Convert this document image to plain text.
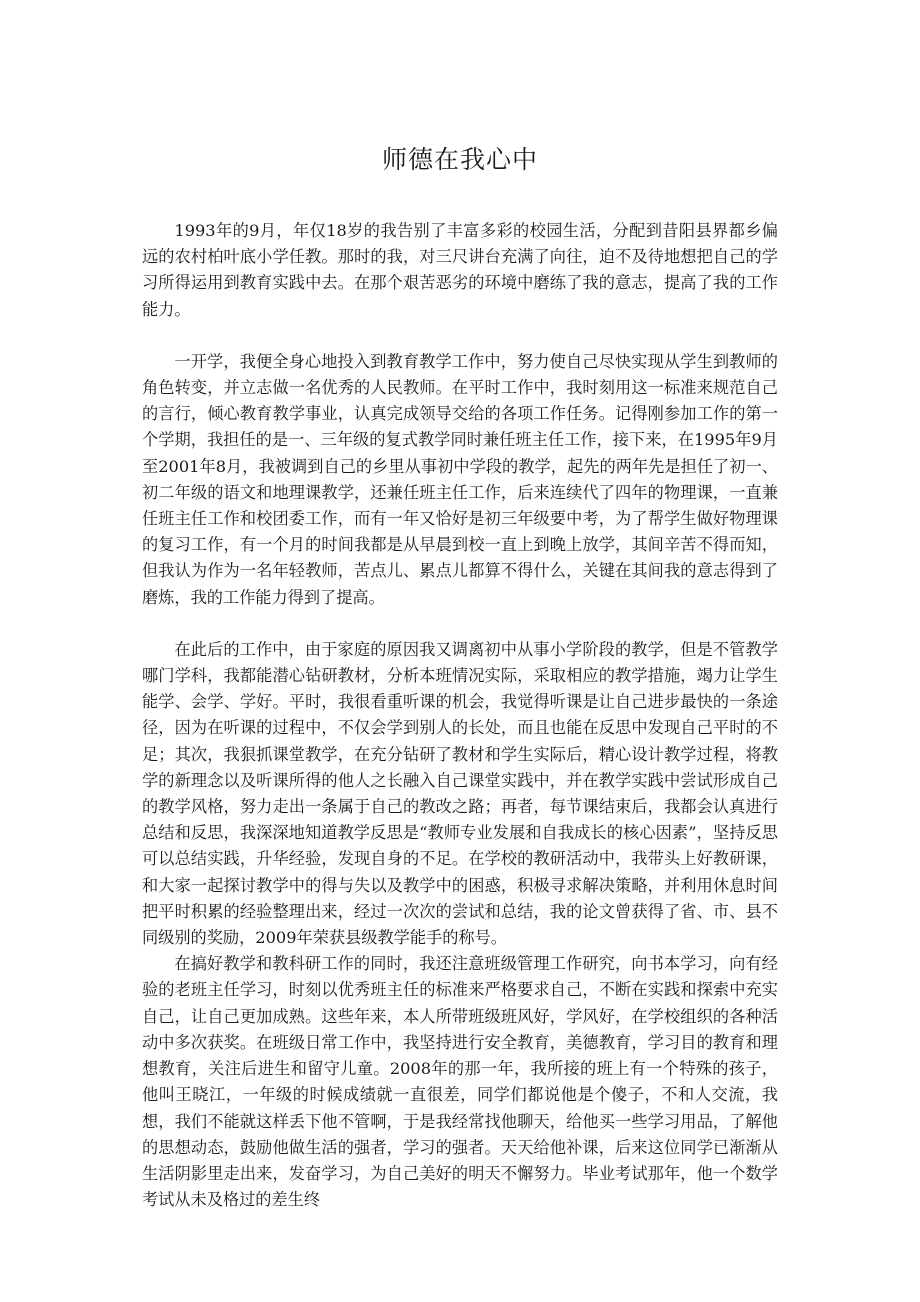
师德在我心中

1993年的9月，年仅18岁的我告别了丰富多彩的校园生活，分配到昔阳县界都乡偏远的农村柏叶底小学任教。那时的我，对三尺讲台充满了向往，迫不及待地想把自己的学习所得运用到教育实践中去。在那个艰苦恶劣的环境中磨练了我的意志，提高了我的工作能力。

一开学，我便全身心地投入到教育教学工作中，努力使自己尽快实现从学生到教师的角色转变，并立志做一名优秀的人民教师。在平时工作中，我时刻用这一标准来规范自己的言行，倾心教育教学事业，认真完成领导交给的各项工作任务。记得刚参加工作的第一个学期，我担任的是一、三年级的复式教学同时兼任班主任工作，接下来，在1995年9月至2001年8月，我被调到自己的乡里从事初中学段的教学，起先的两年先是担任了初一、初二年级的语文和地理课教学，还兼任班主任工作，后来连续代了四年的物理课，一直兼任班主任工作和校团委工作，而有一年又恰好是初三年级要中考，为了帮学生做好物理课的复习工作，有一个月的时间我都是从早晨到校一直上到晚上放学，其间辛苦不得而知，但我认为作为一名年轻教师，苦点儿、累点儿都算不得什么，关键在其间我的意志得到了磨炼，我的工作能力得到了提高。

在此后的工作中，由于家庭的原因我又调离初中从事小学阶段的教学，但是不管教学哪门学科，我都能潜心钻研教材，分析本班情况实际，采取相应的教学措施，竭力让学生能学、会学、学好。平时，我很看重听课的机会，我觉得听课是让自己进步最快的一条途径，因为在听课的过程中，不仅会学到别人的长处，而且也能在反思中发现自己平时的不足；其次，我狠抓课堂教学，在充分钻研了教材和学生实际后，精心设计教学过程，将教学的新理念以及听课所得的他人之长融入自己课堂实践中，并在教学实践中尝试形成自己的教学风格，努力走出一条属于自己的教改之路；再者，每节课结束后，我都会认真进行总结和反思，我深深地知道教学反思是“教师专业发展和自我成长的核心因素”，坚持反思可以总结实践，升华经验，发现自身的不足。在学校的教研活动中，我带头上好教研课，和大家一起探讨教学中的得与失以及教学中的困惑，积极寻求解决策略，并利用休息时间把平时积累的经验整理出来，经过一次次的尝试和总结，我的论文曾获得了省、市、县不同级别的奖励，2009年荣获县级教学能手的称号。

在搞好教学和教科研工作的同时，我还注意班级管理工作研究，向书本学习，向有经验的老班主任学习，时刻以优秀班主任的标准来严格要求自己，不断在实践和探索中充实自己，让自己更加成熟。这些年来，本人所带班级班风好，学风好，在学校组织的各种活动中多次获奖。在班级日常工作中，我坚持进行安全教育，美德教育，学习目的教育和理想教育，关注后进生和留守儿童。2008年的那一年，我所接的班上有一个特殊的孩子，他叫王晓江，一年级的时候成绩就一直很差，同学们都说他是个傻子，不和人交流，我想，我们不能就这样丢下他不管啊，于是我经常找他聊天，给他买一些学习用品，了解他的思想动态，鼓励他做生活的强者，学习的强者。天天给他补课，后来这位同学已渐渐从生活阴影里走出来，发奋学习，为自己美好的明天不懈努力。毕业考试那年，他一个数学考试从未及格过的差生终
